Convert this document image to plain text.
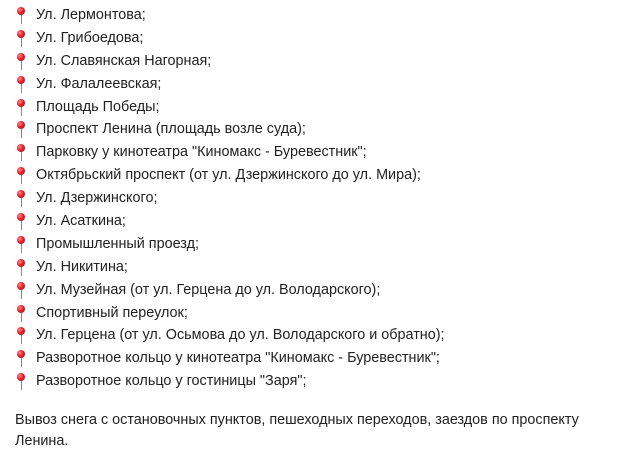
Ул. Лермонтова;
Ул. Грибоедова;
Ул. Славянская Нагорная;
Ул. Фалалеевская;
Площадь Победы;
Проспект Ленина (площадь возле суда);
Парковку у кинотеатра "Киномакс - Буревестник";
Октябрьский проспект (от ул. Дзержинского до ул. Мира);
Ул. Дзержинского;
Ул. Асаткина;
Промышленный проезд;
Ул. Никитина;
Ул. Музейная (от ул. Герцена до ул. Володарского);
Спортивный переулок;
Ул. Герцена (от ул. Осьмова до ул. Володарского и обратно);
Разворотное кольцо у кинотеатра "Киномакс - Буревестник";
Разворотное кольцо у гостиницы "Заря";

Вывоз снега с остановочных пунктов, пешеходных переходов, заездов по проспекту Ленина.
